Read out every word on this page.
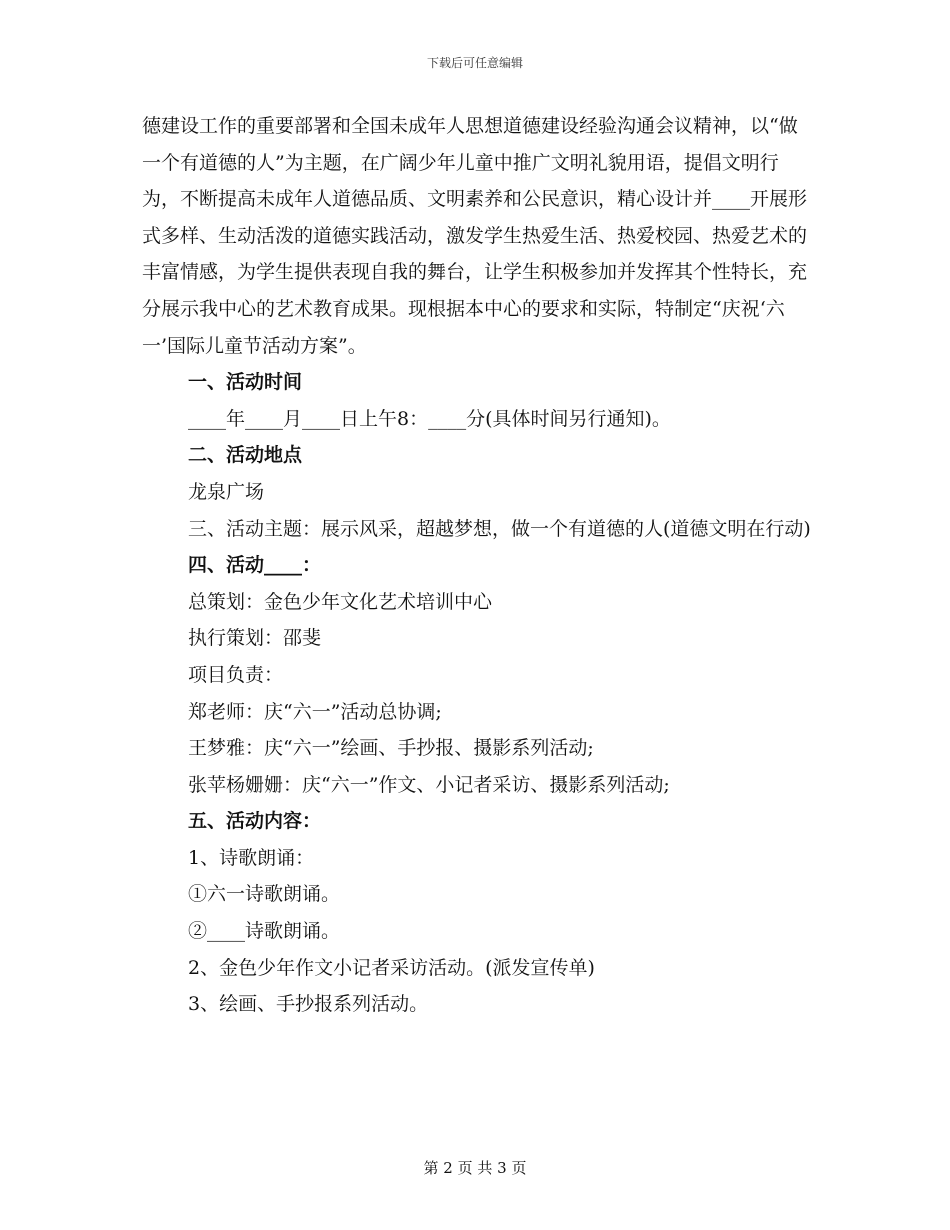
下载后可任意编辑

德建设工作的重要部署和全国未成年人思想道德建设经验沟通会议精神，以“做一个有道德的人”为主题，在广阔少年儿童中推广文明礼貌用语，提倡文明行为，不断提高未成年人道德品质、文明素养和公民意识，精心设计并____开展形式多样、生动活泼的道德实践活动，激发学生热爱生活、热爱校园、热爱艺术的丰富情感，为学生提供表现自我的舞台，让学生积极参加并发挥其个性特长，充分展示我中心的艺术教育成果。现根据本中心的要求和实际，特制定“庆祝‘六一’国际儿童节活动方案”。

一、活动时间

____年____月____日上午8：____分(具体时间另行通知)。

二、活动地点

龙泉广场

三、活动主题：展示风采，超越梦想，做一个有道德的人(道德文明在行动)

四、活动____：

总策划：金色少年文化艺术培训中心

执行策划：邵斐

项目负责：

郑老师：庆“六一”活动总协调;

王梦雅：庆“六一”绘画、手抄报、摄影系列活动;

张苹杨姗姗：庆“六一”作文、小记者采访、摄影系列活动;

五、活动内容：

1、诗歌朗诵：

①六一诗歌朗诵。

②____诗歌朗诵。

2、金色少年作文小记者采访活动。(派发宣传单)

3、绘画、手抄报系列活动。

第 2 页 共 3 页
